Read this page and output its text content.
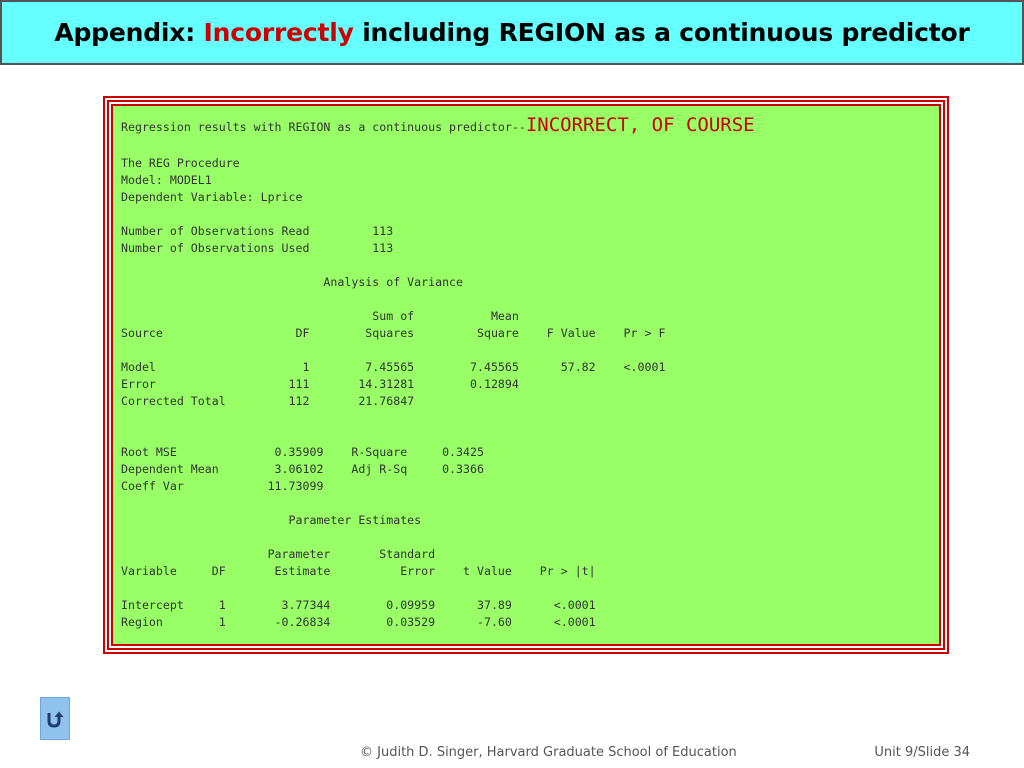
Appendix: Incorrectly including REGION as a continuous predictor
Regression results with REGION as a continuous predictor--INCORRECT, OF COURSE
The REG Procedure
Model: MODEL1
Dependent Variable: Lprice
Number of Observations Read         113
Number of Observations Used         113
Analysis of Variance
Sum of           Mean
Source                   DF        Squares         Square    F Value    Pr > F
Model                     1        7.45565        7.45565      57.82    <.0001
Error                   111       14.31281        0.12894
Corrected Total         112       21.76847
Root MSE              0.35909    R-Square     0.3425
Dependent Mean        3.06102    Adj R-Sq     0.3366
Coeff Var            11.73099
Parameter Estimates
Parameter       Standard
Variable     DF       Estimate          Error    t Value    Pr > |t|
Intercept     1        3.77344        0.09959      37.89      <.0001
Region        1       -0.26834        0.03529      -7.60      <.0001
© Judith D. Singer, Harvard Graduate School of Education	Unit 9/Slide 34
